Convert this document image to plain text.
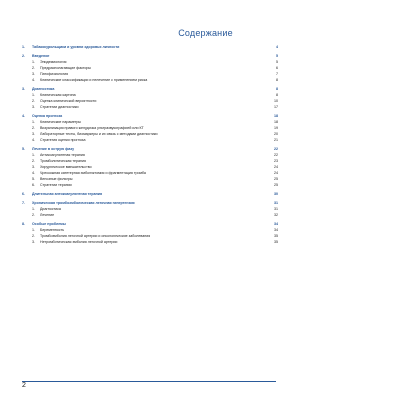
Содержание
1.	Табакокурильщики и уровни здоровья личности	4
2.	Введение	5
1.	Эпидемиология	5
2.	Предрасполагающие факторы	6
3.	Патофизиология	7
4.	Клинические классификации и нелечение с применением риска	8
3.	Диагностика	8
1.	Клиническая картина	8
2.	Оценка клинической вероятности	10
3.	Стратегии диагностики	17
4.	Оценка прогноза	18
1.	Клинические параметры	18
2.	Визуализация правого желудочка ультразвукографией или КТ	19
3.	Лабораторные тесты, биомаркеры и их связь с методами диагностики	20
4.	Стратегия оценки прогноза	21
5.	Лечение в острую фазу	22
1.	Антикоагулянтная терапия	22
2.	Тромболитическая терапия	23
3.	Хирургическое вмешательство	24
4.	Чрескожная катетерная эмболэктомия и фрагментация тромба	24
5.	Венозные фильтры	25
6.	Стратегии терапии	25
6.	Длительная антикоагулянтная терапия	30
7.	Хроническая тромбоэмболическая легочная гипертензия	31
1.	Диагностика	31
2.	Лечение	32
8.	Особые проблемы	34
1.	Беременность	34
2.	Тромбоэмболия легочной артерии и онкологические заболевания	35
3.	Нетромботическая эмболия легочной артерии	35
2
